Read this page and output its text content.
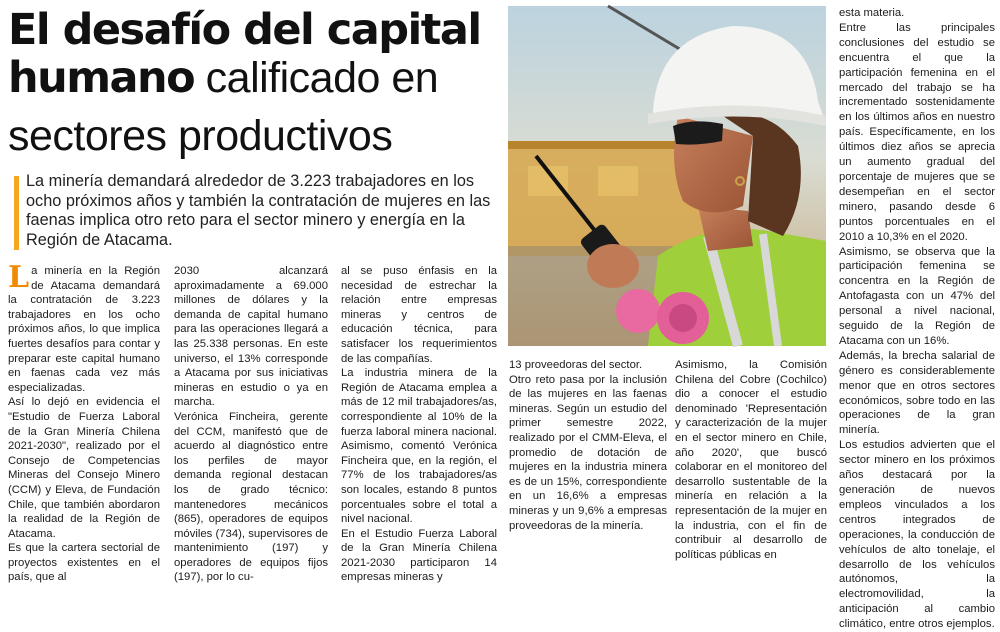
El desafío del capital
humano calificado en
sectores productivos

La minería demandará alrededor de 3.223 trabajadores en los ocho próximos años y también la contratación de mujeres en las faenas implica otro reto para el sector minero y energía en la Región de Atacama.

La minería en la Región de Atacama demandará la contratación de 3.223 trabajadores en los ocho próximos años, lo que implica fuertes desafíos para contar y preparar este capital humano en faenas cada vez más especializadas.

Así lo dejó en evidencia el "Estudio de Fuerza Laboral de la Gran Minería Chilena 2021-2030", realizado por el Consejo de Competencias Mineras del Consejo Minero (CCM) y Eleva, de Fundación Chile, que también abordaron la realidad de la Región de Atacama.

Es que la cartera sectorial de proyectos existentes en el país, que al

2030 alcanzará aproximadamente a 69.000 millones de dólares y la demanda de capital humano para las operaciones llegará a las 25.338 personas. En este universo, el 13% corresponde a Atacama por sus iniciativas mineras en estudio o ya en marcha.

Verónica Fincheira, gerente del CCM, manifestó que de acuerdo al diagnóstico entre los perfiles de mayor demanda regional destacan los de grado técnico: mantenedores mecánicos (865), operadores de equipos móviles (734), supervisores de mantenimiento (197) y operadores de equipos fijos (197), por lo cu-

al se puso énfasis en la necesidad de estrechar la relación entre empresas mineras y centros de educación técnica, para satisfacer los requerimientos de las compañías.

La industria minera de la Región de Atacama emplea a más de 12 mil trabajadores/as, correspondiente al 10% de la fuerza laboral minera nacional. Asimismo, comentó Verónica Fincheira que, en la región, el 77% de los trabajadores/as son locales, estando 8 puntos porcentuales sobre el total a nivel nacional.

En el Estudio Fuerza Laboral de la Gran Minería Chilena 2021-2030 participaron 14 empresas mineras y

13 proveedoras del sector.

Otro reto pasa por la inclusión de las mujeres en las faenas mineras. Según un estudio del primer semestre 2022, realizado por el CMM-Eleva, el promedio de dotación de mujeres en la industria minera es de un 15%, correspondiente en un 16,6% a empresas mineras y un 9,6% a empresas proveedoras de la minería.

Asimismo, la Comisión Chilena del Cobre (Cochilco) dio a conocer el estudio denominado 'Representación y caracterización de la mujer en el sector minero en Chile, año 2020', que buscó colaborar en el monitoreo del desarrollo sustentable de la minería en relación a la representación de la mujer en la industria, con el fin de contribuir al desarrollo de políticas públicas en

esta materia.

Entre las principales conclusiones del estudio se encuentra el que la participación femenina en el mercado del trabajo se ha incrementado sostenidamente en los últimos años en nuestro país. Específicamente, en los últimos diez años se aprecia un aumento gradual del porcentaje de mujeres que se desempeñan en el sector minero, pasando desde 6 puntos porcentuales en el 2010 a 10,3% en el 2020.

Asimismo, se observa que la participación femenina se concentra en la Región de Antofagasta con un 47% del personal a nivel nacional, seguido de la Región de Atacama con un 16%.

Además, la brecha salarial de género es considerablemente menor que en otros sectores económicos, sobre todo en las operaciones de la gran minería.

Los estudios advierten que el sector minero en los próximos años destacará por la generación de nuevos empleos vinculados a los centros integrados de operaciones, la conducción de vehículos de alto tonelaje, el desarrollo de los vehículos autónomos, la electromovilidad, la anticipación al cambio climático, entre otros ejemplos.
